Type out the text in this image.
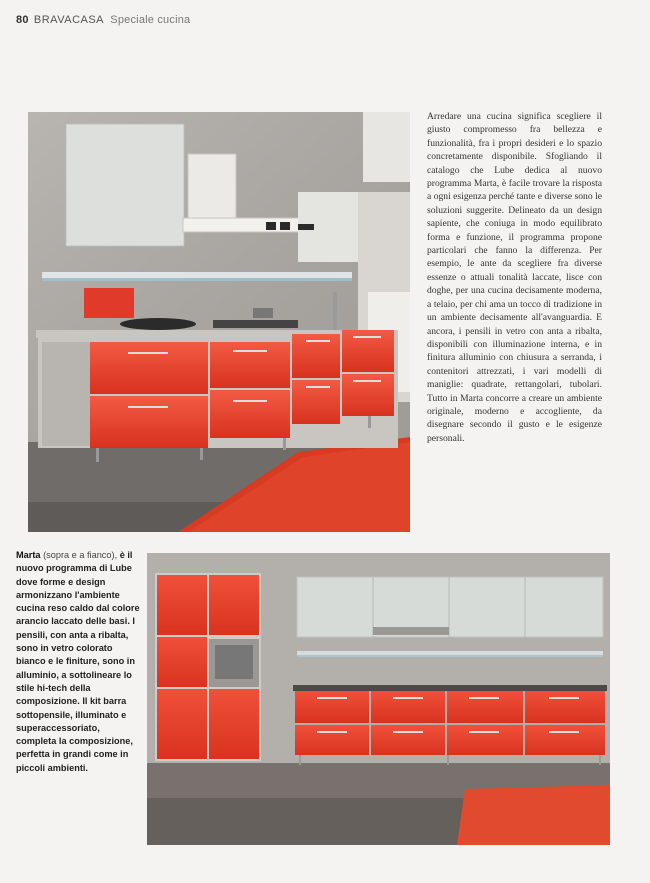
80 BRAVACASA Speciale cucina
Arredare una cucina significa scegliere il giusto compromesso fra bellezza e funzionalità, fra i propri desideri e lo spazio concretamente disponibile. Sfogliando il catalogo che Lube dedica al nuovo programma Marta, è facile trovare la risposta a ogni esigenza perché tante e diverse sono le soluzioni suggerite. Delineato da un design sapiente, che coniuga in modo equilibrato forma e funzione, il programma propone particolari che fanno la differenza. Per esempio, le ante da scegliere fra diverse essenze o attuali tonalità laccate, lisce con doghe, per una cucina decisamente moderna, a telaio, per chi ama un tocco di tradizione in un ambiente decisamente all'avanguardia. E ancora, i pensili in vetro con anta a ribalta, disponibili con illuminazione interna, e in finitura alluminio con chiusura a serranda, i contenitori attrezzati, i vari modelli di maniglie: quadrate, rettangolari, tubolari. Tutto in Marta concorre a creare un ambiente originale, moderno e accogliente, da disegnare secondo il gusto e le esigenze personali.
Marta (sopra e a fianco), è il nuovo programma di Lube dove forme e design armonizzano l'ambiente cucina reso caldo dal colore arancio laccato delle basi. I pensili, con anta a ribalta, sono in vetro colorato bianco e le finiture, sono in alluminio, a sottolineare lo stile hi-tech della composizione. Il kit barra sottopensile, illuminato e superaccessoriato, completa la composizione, perfetta in grandi come in piccoli ambienti.
